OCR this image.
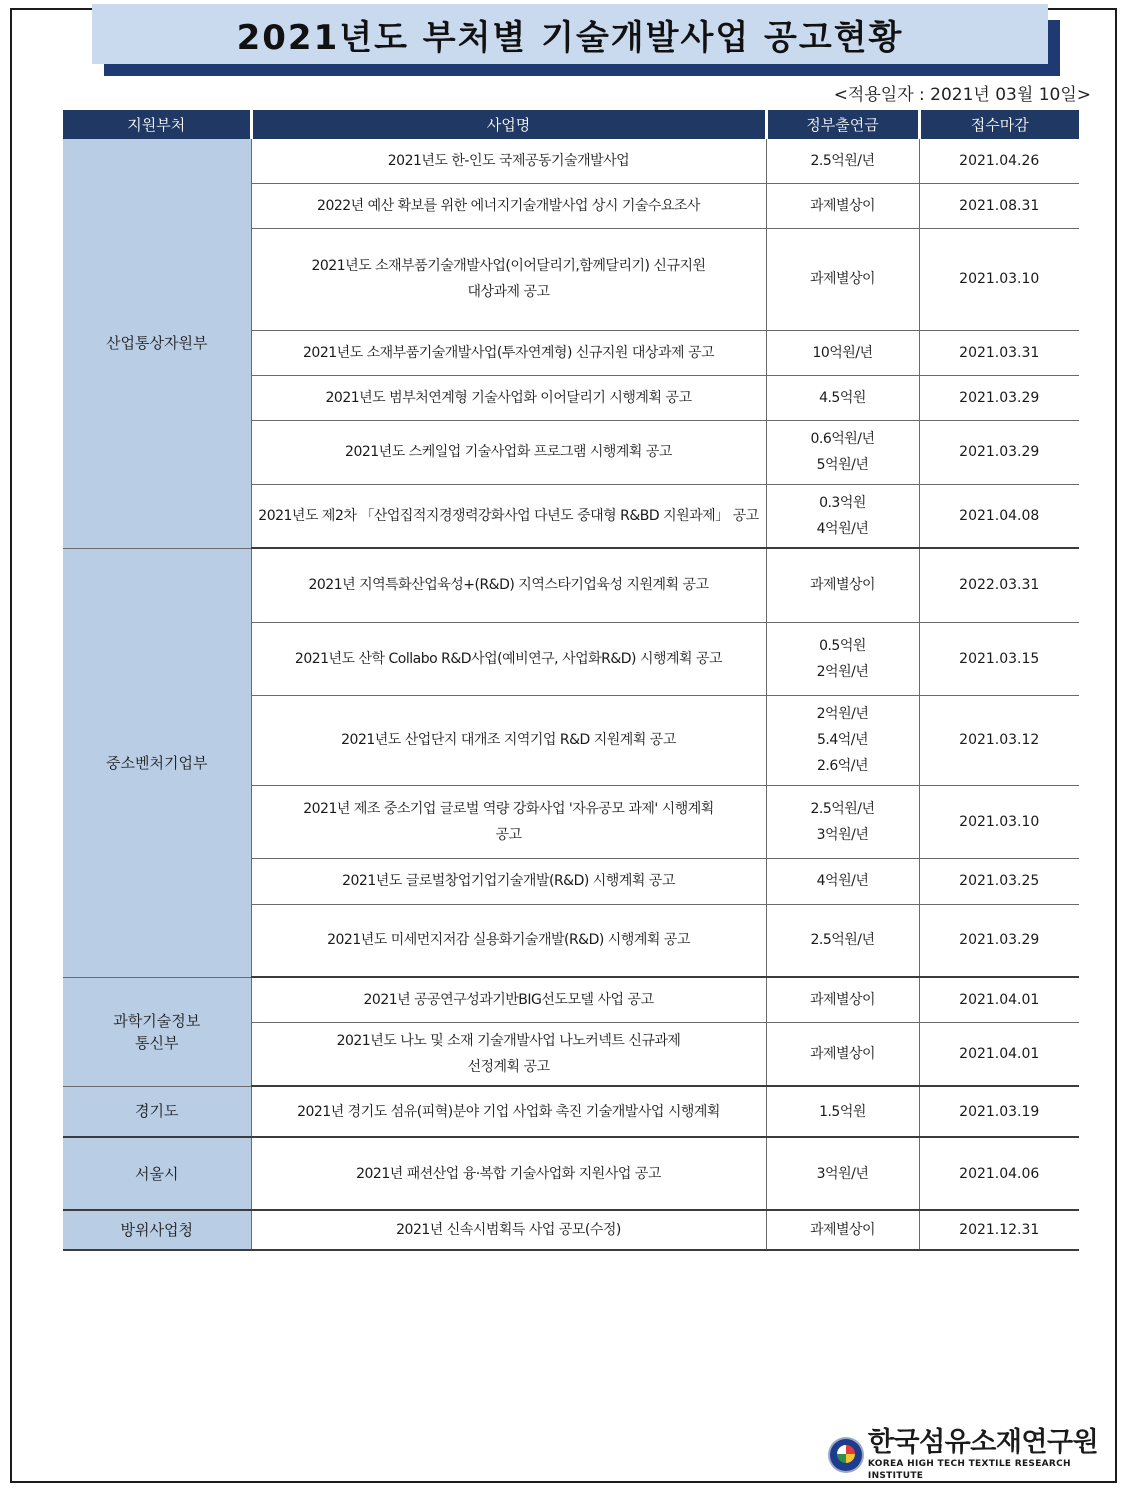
2021년도 부처별 기술개발사업 공고현황
<적용일자 : 2021년 03월 10일>
지원부처	사업명	정부출연금	접수마감

산업통상자원부	2021년도 한-인도 국제공동기술개발사업	2.5억원/년	2021.04.26

	2022년 예산 확보를 위한 에너지기술개발사업 상시 기술수요조사	과제별상이	2021.08.31

	2021년도 소재부품기술개발사업(이어달리기,함께달리기) 신규지원
대상과제 공고	과제별상이	2021.03.10

	2021년도 소재부품기술개발사업(투자연계형) 신규지원 대상과제 공고	10억원/년	2021.03.31

	2021년도 범부처연계형 기술사업화 이어달리기 시행계획 공고	4.5억원	2021.03.29

	2021년도 스케일업 기술사업화 프로그램 시행계획 공고	0.6억원/년
5억원/년	2021.03.29

	2021년도 제2차 「산업집적지경쟁력강화사업 다년도 중대형 R&BD 지원과제」 공고	0.3억원
4억원/년	2021.04.08

중소벤처기업부	2021년 지역특화산업육성+(R&D) 지역스타기업육성 지원계획 공고	과제별상이	2022.03.31

	2021년도 산학 Collabo R&D사업(예비연구, 사업화R&D) 시행계획 공고	0.5억원
2억원/년	2021.03.15

	2021년도 산업단지 대개조 지역기업 R&D 지원계획 공고	2억원/년
5.4억/년
2.6억/년	2021.03.12

	2021년 제조 중소기업 글로벌 역량 강화사업 '자유공모 과제' 시행계획
공고	2.5억원/년
3억원/년	2021.03.10

	2021년도 글로벌창업기업기술개발(R&D) 시행계획 공고	4억원/년	2021.03.25

	2021년도 미세먼지저감 실용화기술개발(R&D) 시행계획 공고	2.5억원/년	2021.03.29

과학기술정보
통신부	2021년 공공연구성과기반BIG선도모델 사업 공고	과제별상이	2021.04.01

	2021년도 나노 및 소재 기술개발사업 나노커넥트 신규과제
선정계획 공고	과제별상이	2021.04.01

경기도	2021년 경기도 섬유(피혁)분야 기업 사업화 촉진 기술개발사업 시행계획	1.5억원	2021.03.19

서울시	2021년 패션산업 융·복합 기술사업화 지원사업 공고	3억원/년	2021.04.06

방위사업청	2021년 신속시범획득 사업 공모(수정)	과제별상이	2021.12.31
한국섬유소재연구원
KOREA HIGH TECH TEXTILE RESEARCH INSTITUTE
